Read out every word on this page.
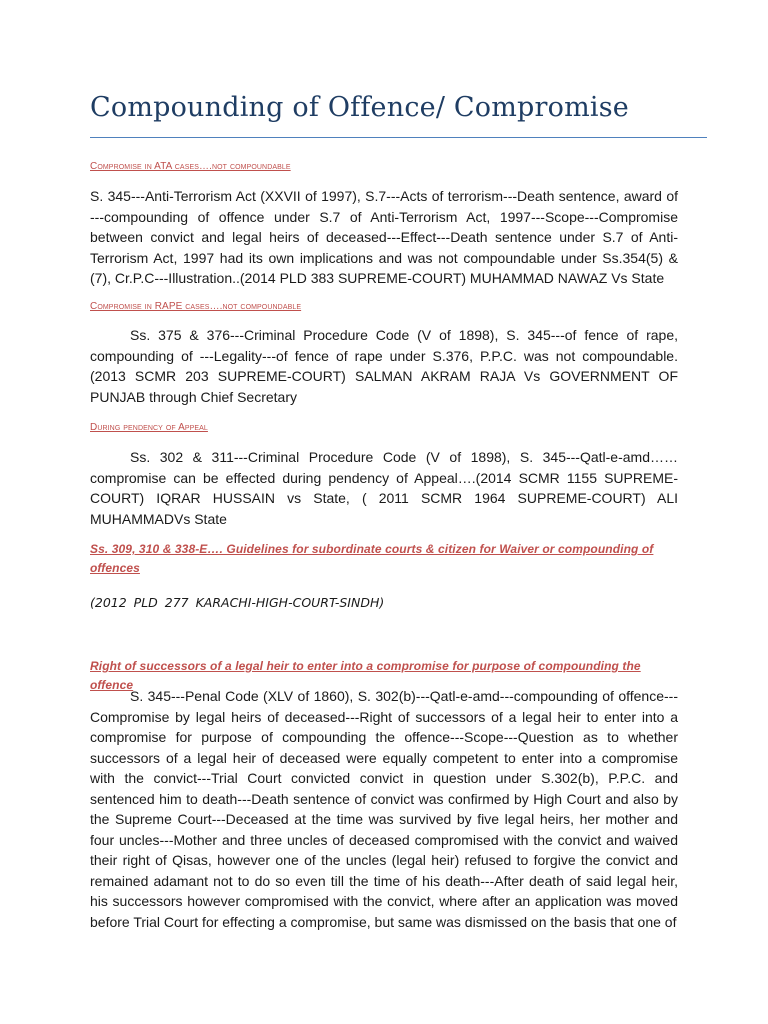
Compounding of Offence/ Compromise
Compromise in ATA cases….not compoundable
S. 345---Anti-Terrorism Act (XXVII of 1997), S.7---Acts of terrorism---Death sentence, award of ---compounding of offence under S.7 of Anti-Terrorism Act, 1997---Scope---Compromise between convict and legal heirs of deceased---Effect---Death sentence under S.7 of Anti-Terrorism Act, 1997 had its own implications and was not compoundable under Ss.354(5) & (7), Cr.P.C---Illustration..(2014 PLD 383 SUPREME-COURT) MUHAMMAD NAWAZ Vs State
Compromise in RAPE cases….not compoundable
Ss. 375 & 376---Criminal Procedure Code (V of 1898), S. 345---of fence of rape, compounding of ---Legality---of fence of rape under S.376, P.P.C. was not compoundable.(2013 SCMR 203 SUPREME-COURT) SALMAN AKRAM RAJA Vs GOVERNMENT OF PUNJAB through Chief Secretary
During pendency of Appeal
Ss. 302 & 311---Criminal Procedure Code (V of 1898), S. 345---Qatl-e-amd…… compromise can be effected during pendency of Appeal….(2014 SCMR 1155 SUPREME-COURT) IQRAR HUSSAIN vs State, ( 2011 SCMR 1964 SUPREME-COURT) ALI MUHAMMADVs State
Ss. 309, 310 & 338-E…. Guidelines for subordinate courts & citizen for Waiver or compounding of offences
(2012 PLD 277 KARACHI-HIGH-COURT-SINDH)
Right of successors of a legal heir to enter into a compromise for purpose of compounding the offence
S. 345---Penal Code (XLV of 1860), S. 302(b)---Qatl-e-amd---compounding of offence---Compromise by legal heirs of deceased---Right of successors of a legal heir to enter into a compromise for purpose of compounding the offence---Scope---Question as to whether successors of a legal heir of deceased were equally competent to enter into a compromise with the convict---Trial Court convicted convict in question under S.302(b), P.P.C. and sentenced him to death---Death sentence of convict was confirmed by High Court and also by the Supreme Court---Deceased at the time was survived by five legal heirs, her mother and four uncles---Mother and three uncles of deceased compromised with the convict and waived their right of Qisas, however one of the uncles (legal heir) refused to forgive the convict and remained adamant not to do so even till the time of his death---After death of said legal heir, his successors however compromised with the convict, where after an application was moved before Trial Court for effecting a compromise, but same was dismissed on the basis that one of
